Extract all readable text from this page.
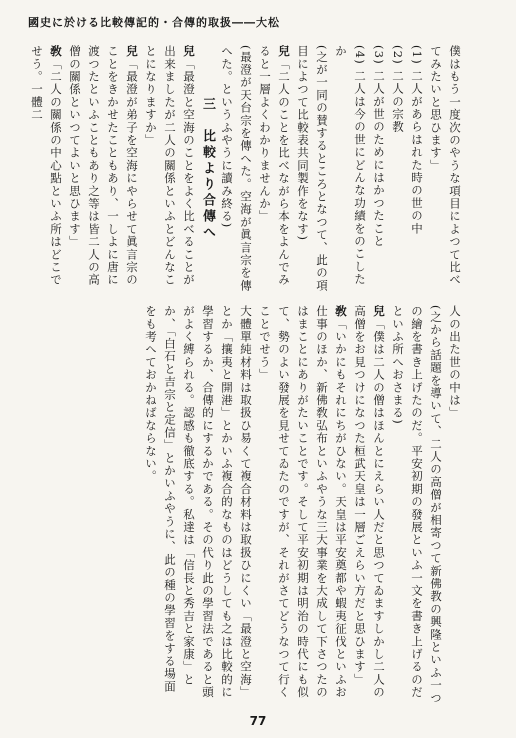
國史に於ける比較傳記的・合傳的取扱――大松

僕はもう一度次のやうな項目によつて比べてみたいと思ひます」

(1) 二人があらはれた時の世の中

(2) 二人の宗教

(3) 二人が世のためにはかつたこと

(4) 二人は今の世にどんな功績をのこしたか

(之が一同の賛するところとなつて、此の項目によつて比較表共同製作をなす)

兒「二人のことを比べながら本をよんでみると一層よくわかりませんか」

(最澄が天台宗を傳へた。空海が眞言宗を傳へた。というふやうに讀み終る)

三　比較より合傳へ

兒「最澄と空海のことをよく比べることが出来ましたが二人の關係といふとどんなことになりますか」

兒「最澄が弟子を空海にやらせて眞言宗のことをきかせたこともあり、一しよに唐に渡つたといふこともあり之等は皆二人の高僧の關係といつてよいと思ひます」

敎「二人の關係の中心點といふ所はどこでせう。一體二

人の出た世の中は」

(之から話題を導いて、二人の高僧が相寄つて新佛教の興隆といふ一つの繪を書き上げたのだ。平安初期の發展といふ一文を書き上げるのだといふ所へおさまる)

兒「僕は二人の僧はほんとにえらい人だと思つてゐますしかし二人の高僧をお見つけになつた桓武天皇は一層ごえらい方だと思ひます」

敎「いかにもそれにちがひない。天皇は平安奠都や蝦夷征伐といふお仕事のほか、新佛敎弘布といふやうな三大事業を大成して下さつたのはまことにありがたいことです。そして平安初期は明治の時代にも似て、勢のよい發展を見せてゐたのですが、それがさてどうなつて行くことでせう」

大體單純材料は取扱ひ易くて複合材料は取扱ひにくい「最澄と空海」とか「攘夷と開港」とかいふ複合的なものはどうしても之は比較的に學習するか、合傳的にするかである。その代り此の學習法であると頭がよく縛られる。認感も徹底する。私達は「信長と秀吉と家康」とか、「白石と吉宗と定信」とかいふやうに、此の種の學習をする場面をも考へておかねばならない。

77
